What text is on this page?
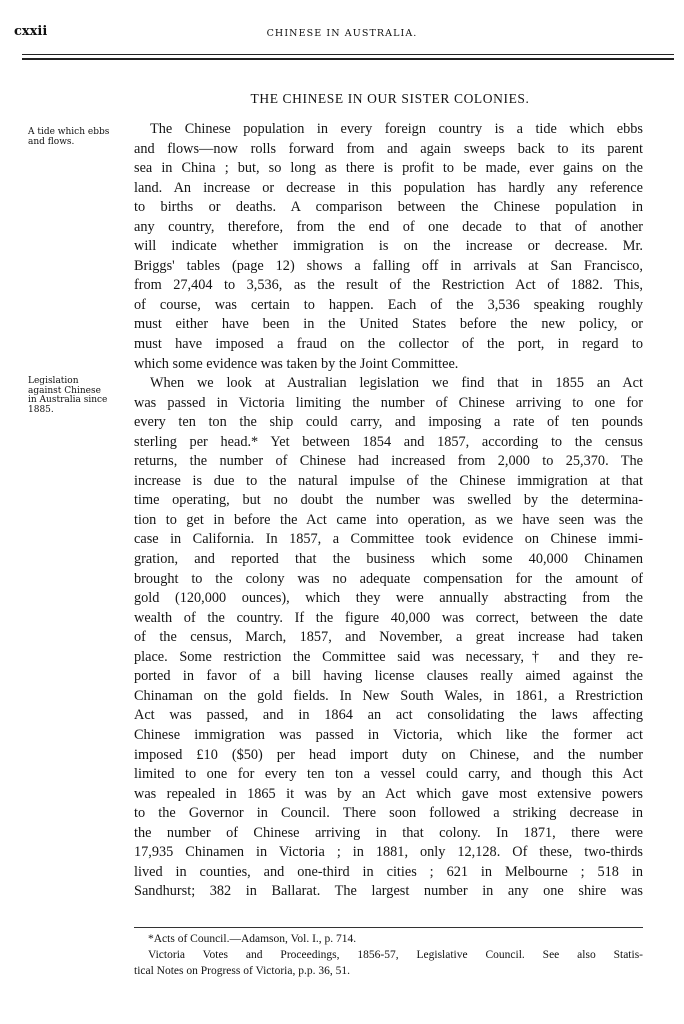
cxxii	CHINESE IN AUSTRALIA.
THE CHINESE IN OUR SISTER COLONIES.
A tide which ebbs
and flows.
Legislation
against Chinese
in Australia since
1885.
The Chinese population in every foreign country is a tide which ebbs
and flows—now rolls forward from and again sweeps back to its parent
sea in China ; but, so long as there is profit to be made, ever gains on the
land. An increase or decrease in this population has hardly any reference
to births or deaths. A comparison between the Chinese population in
any country, therefore, from the end of one decade to that of another
will indicate whether immigration is on the increase or decrease. Mr.
Briggs' tables (page 12) shows a falling off in arrivals at San Francisco,
from 27,404 to 3,536, as the result of the Restriction Act of 1882. This,
of course, was certain to happen. Each of the 3,536 speaking roughly
must either have been in the United States before the new policy, or
must have imposed a fraud on the collector of the port, in regard to
which some evidence was taken by the Joint Committee.
When we look at Australian legislation we find that in 1855 an Act
was passed in Victoria limiting the number of Chinese arriving to one for
every ten ton the ship could carry, and imposing a rate of ten pounds
sterling per head.* Yet between 1854 and 1857, according to the census
returns, the number of Chinese had increased from 2,000 to 25,370. The
increase is due to the natural impulse of the Chinese immigration at that
time operating, but no doubt the number was swelled by the determina-
tion to get in before the Act came into operation, as we have seen was the
case in California. In 1857, a Committee took evidence on Chinese immi-
gration, and reported that the business which some 40,000 Chinamen
brought to the colony was no adequate compensation for the amount of
gold (120,000 ounces), which they were annually abstracting from the
wealth of the country. If the figure 40,000 was correct, between the date
of the census, March, 1857, and November, a great increase had taken
place. Some restriction the Committee said was necessary,† and they re-
ported in favor of a bill having license clauses really aimed against the
Chinaman on the gold fields. In New South Wales, in 1861, a Rrestriction
Act was passed, and in 1864 an act consolidating the laws affecting
Chinese immigration was passed in Victoria, which like the former act
imposed £10 ($50) per head import duty on Chinese, and the number
limited to one for every ten ton a vessel could carry, and though this Act
was repealed in 1865 it was by an Act which gave most extensive powers
to the Governor in Council. There soon followed a striking decrease in
the number of Chinese arriving in that colony. In 1871, there were
17,935 Chinamen in Victoria ; in 1881, only 12,128. Of these, two-thirds
lived in counties, and one-third in cities ; 621 in Melbourne ; 518 in
Sandhurst; 382 in Ballarat. The largest number in any one shire was
*Acts of Council.—Adamson, Vol. I., p. 714.
Victoria Votes and Proceedings, 1856-57, Legislative Council. See also Statis-
tical Notes on Progress of Victoria, p.p. 36, 51.
